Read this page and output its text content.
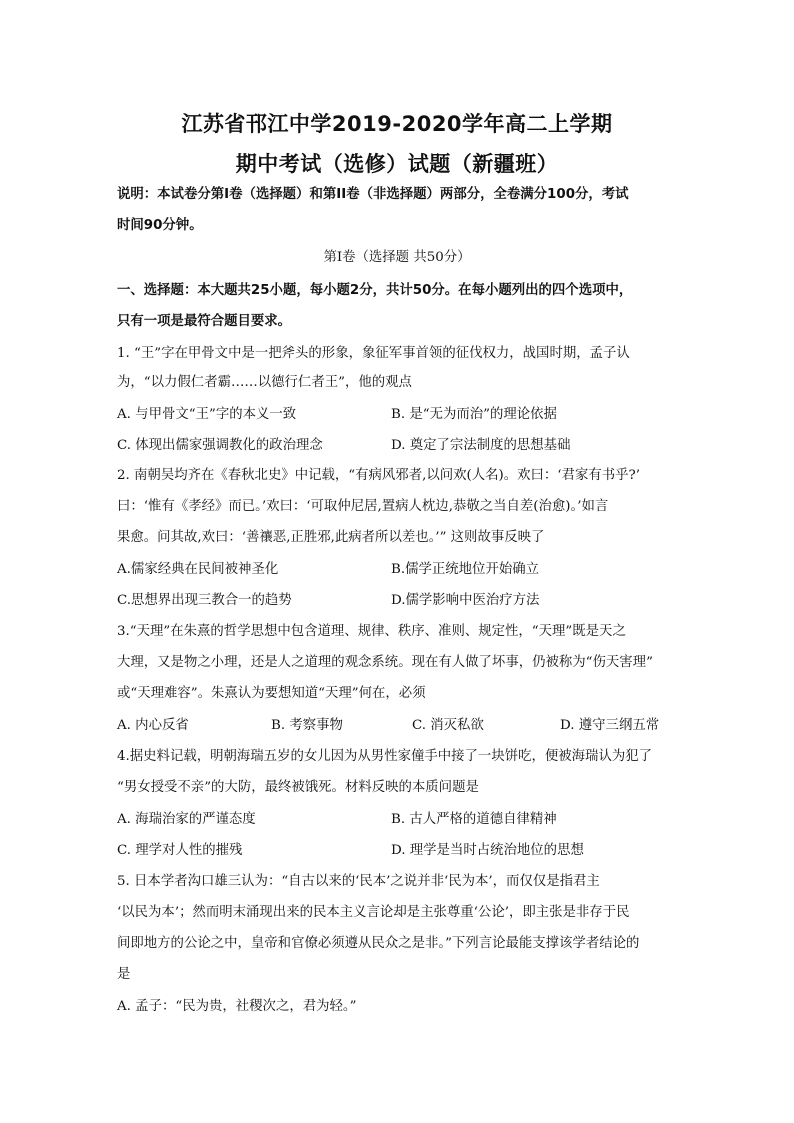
江苏省邗江中学2019-2020学年高二上学期
期中考试（选修）试题（新疆班）
说明：本试卷分第Ⅰ卷（选择题）和第II卷（非选择题）两部分，全卷满分100分，考试
时间90分钟。
第Ⅰ卷（选择题 共50分）
一、选择题：本大题共25小题，每小题2分，共计50分。在每小题列出的四个选项中，
只有一项是最符合题目要求。
1. “王”字在甲骨文中是一把斧头的形象，象征军事首领的征伐权力，战国时期，孟子认
为，“以力假仁者霸……以德行仁者王”，他的观点
A. 与甲骨文“王”字的本义一致	B. 是“无为而治”的理论依据
C. 体现出儒家强调教化的政治理念	D. 奠定了宗法制度的思想基础
2. 南朝吴均齐在《春秋北史》中记载，“有病风邪者,以问欢(人名)。欢曰：‘君家有书乎?’
曰：‘惟有《孝经》而已。’欢曰：‘可取仲尼居,置病人枕边,恭敬之当自差(治愈)。’如言
果愈。问其故,欢曰：‘善禳恶,正胜邪,此病者所以差也。’” 这则故事反映了
A.儒家经典在民间被神圣化	B.儒学正统地位开始确立
C.思想界出现三教合一的趋势	D.儒学影响中医治疗方法
3.“天理”在朱熹的哲学思想中包含道理、规律、秩序、准则、规定性，“天理”既是天之
大理，又是物之小理，还是人之道理的观念系统。现在有人做了坏事，仍被称为“伤天害理”
或“天理难容”。朱熹认为要想知道“天理”何在，必须
A. 内心反省	B. 考察事物	C. 消灭私欲	D. 遵守三纲五常
4.据史料记载，明朝海瑞五岁的女儿因为从男性家僮手中接了一块饼吃，便被海瑞认为犯了
“男女授受不亲”的大防，最终被饿死。材料反映的本质问题是
A. 海瑞治家的严谨态度	B. 古人严格的道德自律精神
C. 理学对人性的摧残	D. 理学是当时占统治地位的思想
5. 日本学者沟口雄三认为：“自古以来的‘民本’之说并非‘民为本’，而仅仅是指君主
‘以民为本’；然而明末涌现出来的民本主义言论却是主张尊重‘公论’，即主张是非存于民
间即地方的公论之中，皇帝和官僚必须遵从民众之是非。”下列言论最能支撑该学者结论的
是
A. 孟子：“民为贵，社稷次之，君为轻。”
